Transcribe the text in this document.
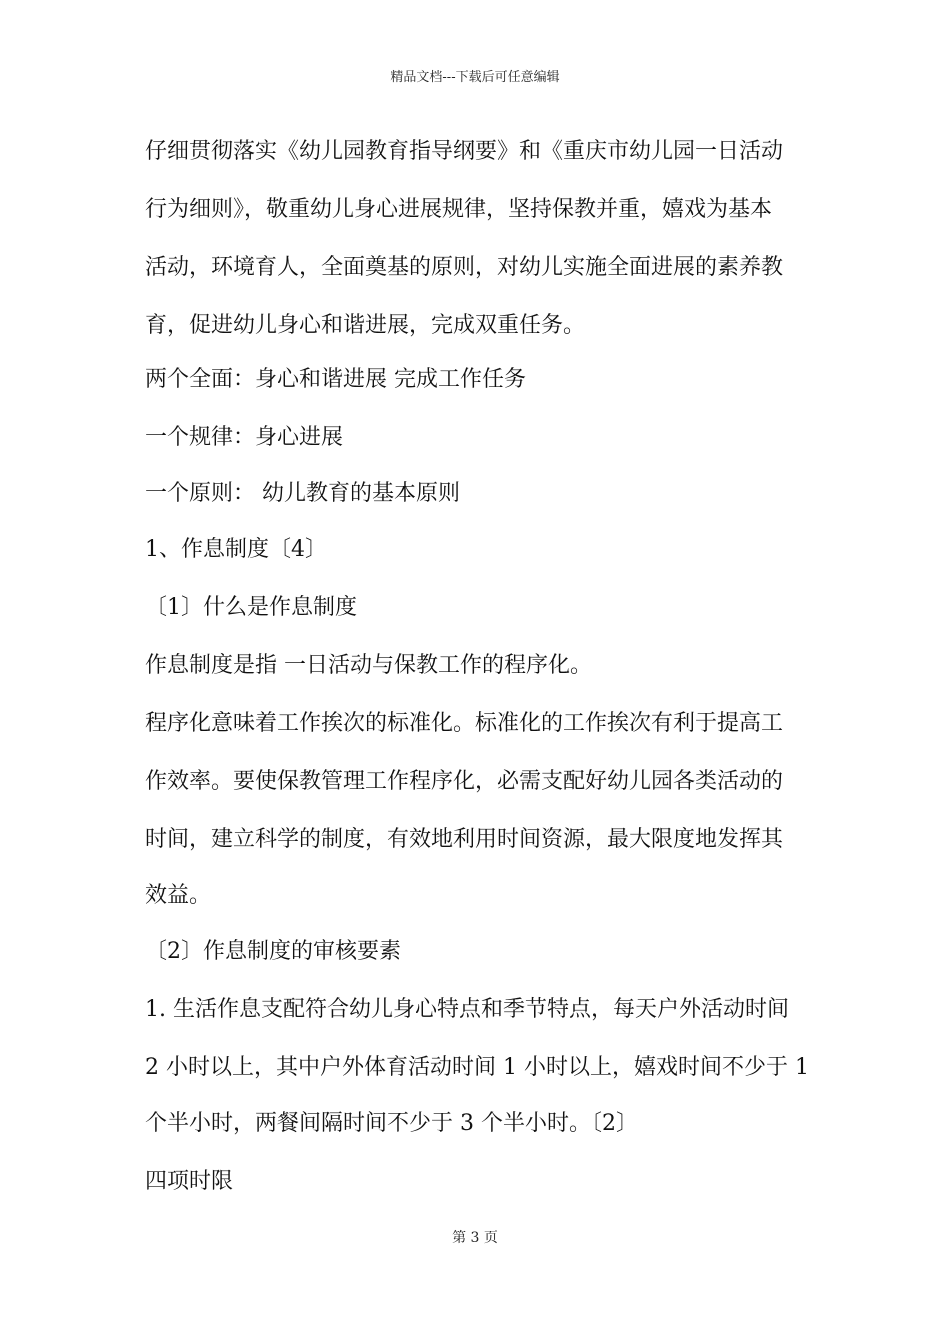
精品文档---下载后可任意编辑
仔细贯彻落实《幼儿园教育指导纲要》和《重庆市幼儿园一日活动
行为细则》，敬重幼儿身心进展规律，坚持保教并重，嬉戏为基本
活动，环境育人，全面奠基的原则，对幼儿实施全面进展的素养教
育，促进幼儿身心和谐进展，完成双重任务。
两个全面：身心和谐进展 完成工作任务
一个规律：身心进展
一个原则： 幼儿教育的基本原则
1、作息制度〔4〕
〔1〕什么是作息制度
作息制度是指 一日活动与保教工作的程序化。
程序化意味着工作挨次的标准化。标准化的工作挨次有利于提高工
作效率。要使保教管理工作程序化，必需支配好幼儿园各类活动的
时间，建立科学的制度，有效地利用时间资源，最大限度地发挥其
效益。
〔2〕作息制度的审核要素
1. 生活作息支配符合幼儿身心特点和季节特点，每天户外活动时间
2 小时以上，其中户外体育活动时间 1 小时以上，嬉戏时间不少于 1
个半小时，两餐间隔时间不少于 3 个半小时。〔2〕
四项时限
第 3 页
